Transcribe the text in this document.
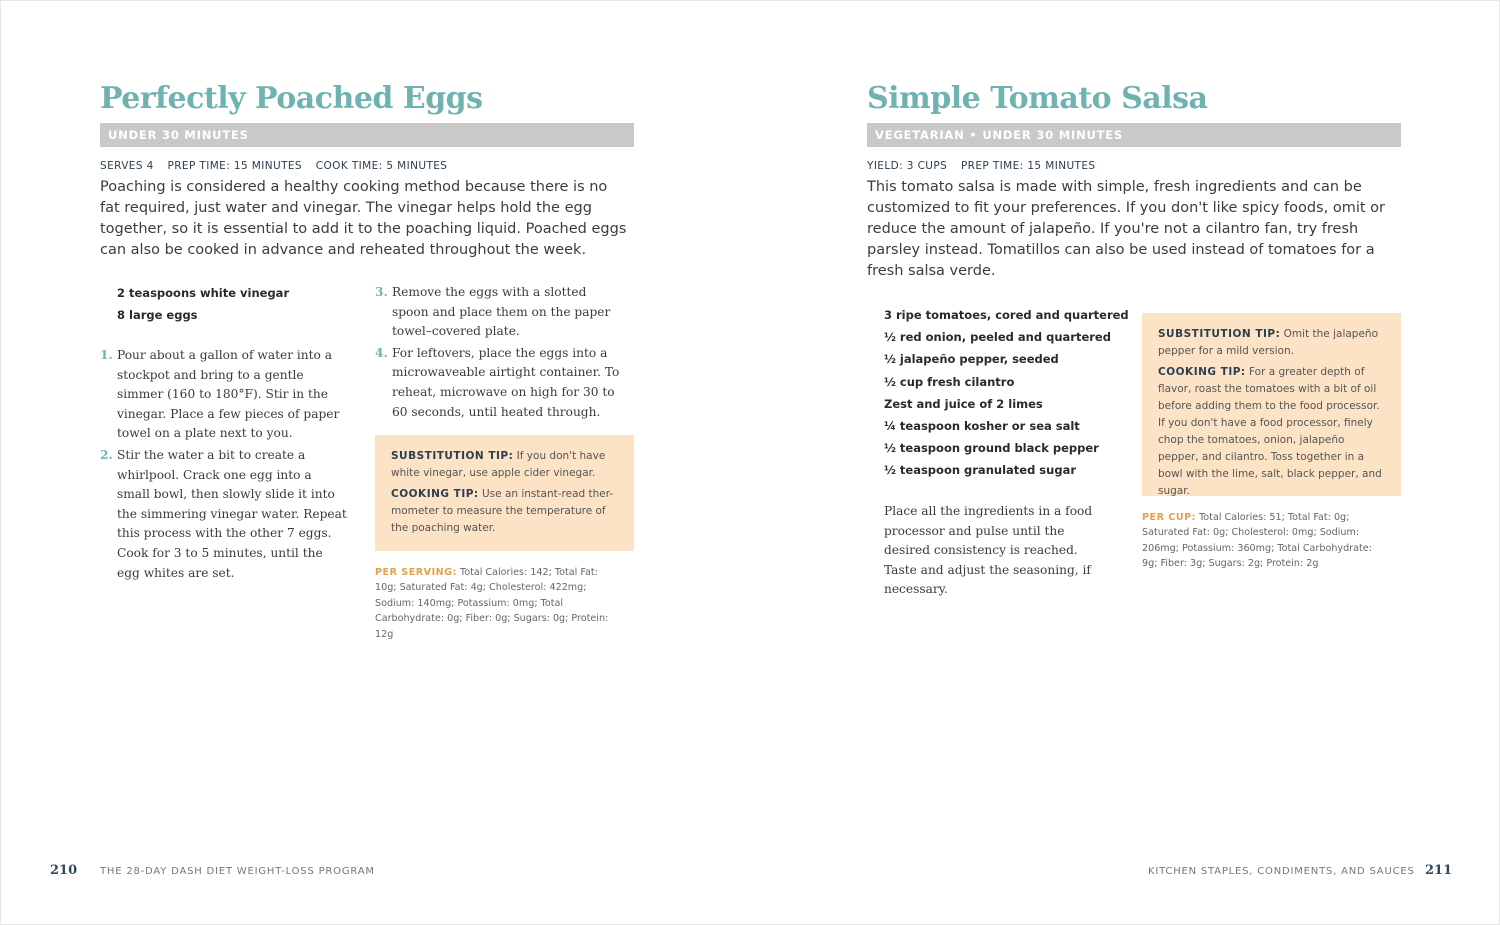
Perfectly Poached Eggs
UNDER 30 MINUTES
SERVES 4 PREP TIME: 15 MINUTES COOK TIME: 5 MINUTES

Poaching is considered a healthy cooking method because there is no fat required, just water and vinegar. The vinegar helps hold the egg together, so it is essential to add it to the poaching liquid. Poached eggs can also be cooked in advance and reheated throughout the week.

2 teaspoons white vinegar
8 large eggs
1. Pour about a gallon of water into a stockpot and bring to a gentle simmer (160 to 180°F). Stir in the vinegar. Place a few pieces of paper towel on a plate next to you.
2. Stir the water a bit to create a whirlpool. Crack one egg into a small bowl, then slowly slide it into the simmering vinegar water. Repeat this process with the other 7 eggs. Cook for 3 to 5 minutes, until the egg whites are set.
3. Remove the eggs with a slotted spoon and place them on the paper towel–covered plate.
4. For leftovers, place the eggs into a microwaveable airtight container. To reheat, microwave on high for 30 to 60 seconds, until heated through.

SUBSTITUTION TIP: If you don't have white vinegar, use apple cider vinegar.

COOKING TIP: Use an instant-read ther-mometer to measure the temperature of the poaching water.

PER SERVING: Total Calories: 142; Total Fat: 10g; Saturated Fat: 4g; Cholesterol: 422mg; Sodium: 140mg; Potassium: 0mg; Total Carbohydrate: 0g; Fiber: 0g; Sugars: 0g; Protein: 12g

210 THE 28-DAY DASH DIET WEIGHT-LOSS PROGRAM
Simple Tomato Salsa
VEGETARIAN • UNDER 30 MINUTES
YIELD: 3 CUPS PREP TIME: 15 MINUTES

This tomato salsa is made with simple, fresh ingredients and can be customized to fit your preferences. If you don't like spicy foods, omit or reduce the amount of jalapeño. If you're not a cilantro fan, try fresh parsley instead. Tomatillos can also be used instead of tomatoes for a fresh salsa verde.

3 ripe tomatoes, cored and quartered
½ red onion, peeled and quartered
½ jalapeño pepper, seeded
½ cup fresh cilantro
Zest and juice of 2 limes
¼ teaspoon kosher or sea salt
½ teaspoon ground black pepper
½ teaspoon granulated sugar

Place all the ingredients in a food processor and pulse until the desired consistency is reached. Taste and adjust the seasoning, if necessary.

SUBSTITUTION TIP: Omit the jalapeño pepper for a mild version.

COOKING TIP: For a greater depth of flavor, roast the tomatoes with a bit of oil before adding them to the food processor. If you don't have a food processor, finely chop the tomatoes, onion, jalapeño pepper, and cilantro. Toss together in a bowl with the lime, salt, black pepper, and sugar.

PER CUP: Total Calories: 51; Total Fat: 0g; Saturated Fat: 0g; Cholesterol: 0mg; Sodium: 206mg; Potassium: 360mg; Total Carbohydrate: 9g; Fiber: 3g; Sugars: 2g; Protein: 2g

KITCHEN STAPLES, CONDIMENTS, AND SAUCES 211
